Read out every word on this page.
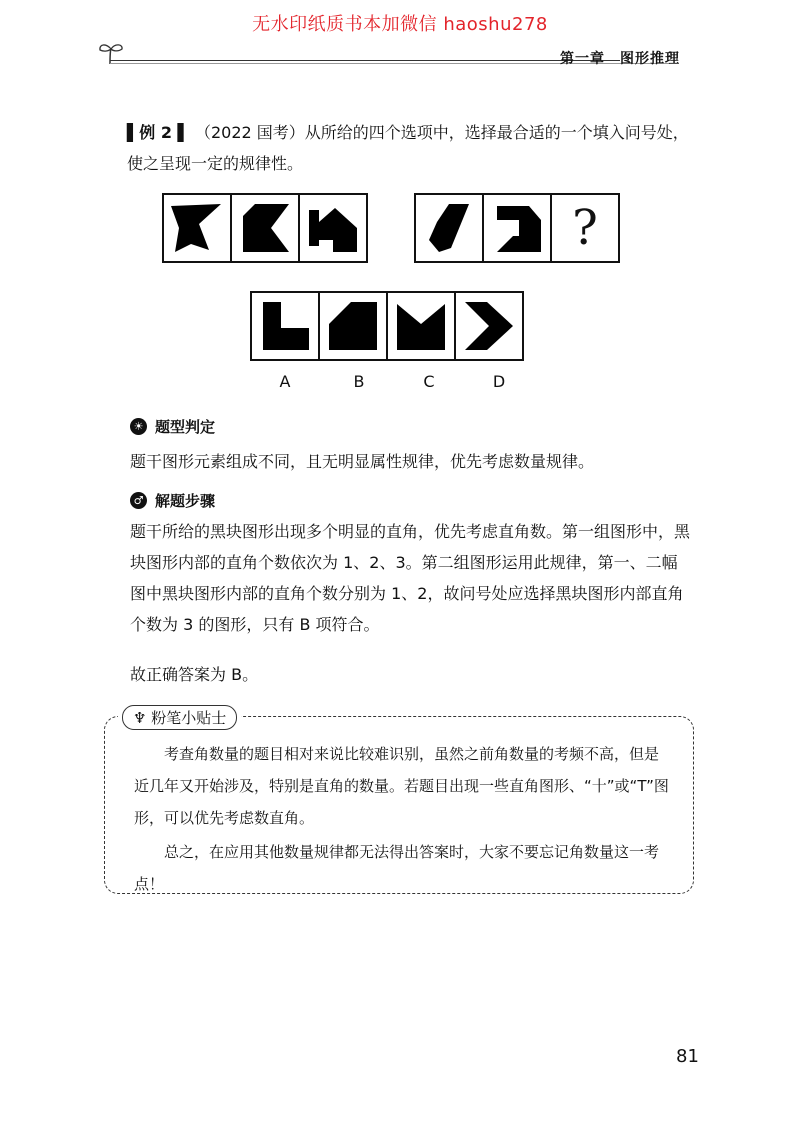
无水印纸质书本加微信 haoshu278
第一章　图形推理
▌例 2 ▌ （2022 国考）从所给的四个选项中，选择最合适的一个填入问号处，使之呈现一定的规律性。
?
A	B	C	D
☀ 题型判定
题干图形元素组成不同，且无明显属性规律，优先考虑数量规律。
♂ 解题步骤
题干所给的黑块图形出现多个明显的直角，优先考虑直角数。第一组图形中，黑块图形内部的直角个数依次为 1、2、3。第二组图形运用此规律，第一、二幅图中黑块图形内部的直角个数分别为 1、2，故问号处应选择黑块图形内部直角个数为 3 的图形，只有 B 项符合。
故正确答案为 B。
♆ 粉笔小贴士
考查角数量的题目相对来说比较难识别，虽然之前角数量的考频不高，但是近几年又开始涉及，特别是直角的数量。若题目出现一些直角图形、“十”或“T”图形，可以优先考虑数直角。
总之，在应用其他数量规律都无法得出答案时，大家不要忘记角数量这一考点！
81
